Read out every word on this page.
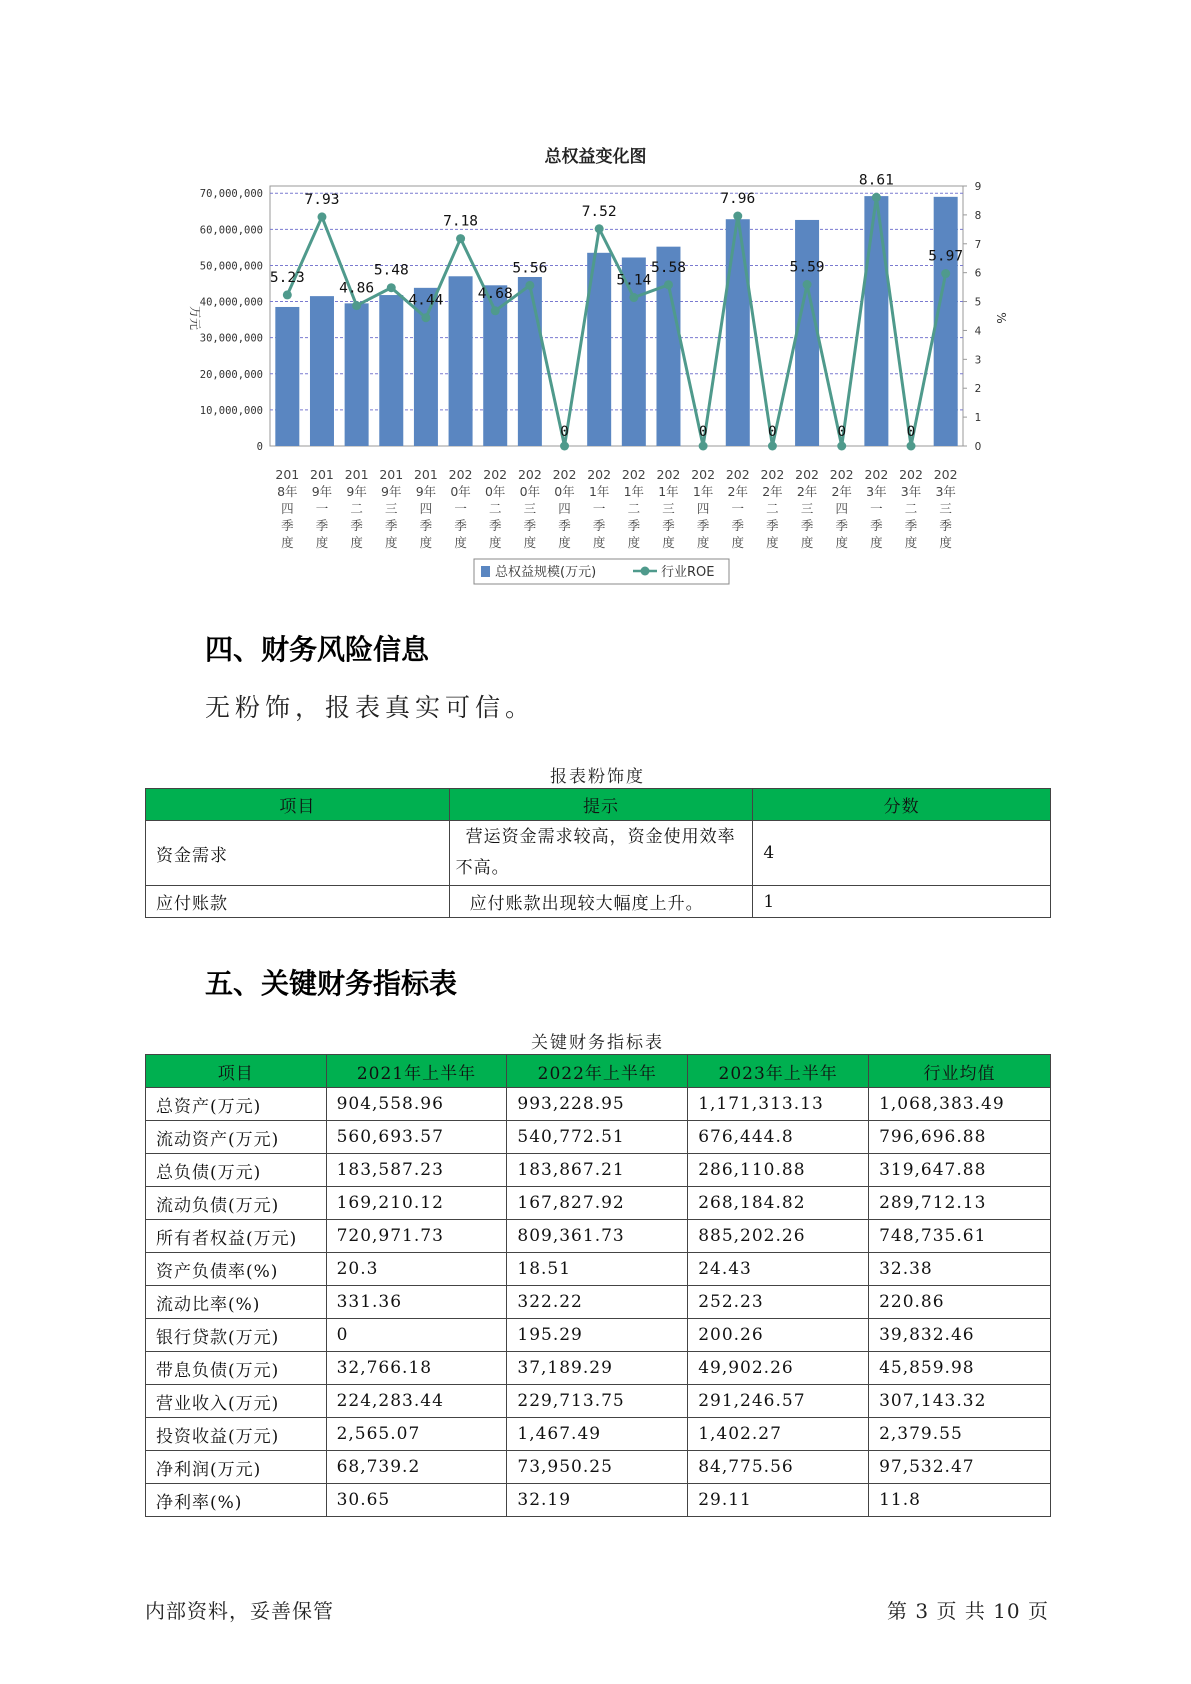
总权益变化图
0
10,000,000
20,000,000
30,000,000
40,000,000
50,000,000
60,000,000
70,000,000
0
1
2
3
4
5
6
7
8
9
万元	%
5.23
7.93
4.86
5.48
4.44
7.18
4.68
5.56
0
7.52
5.14
5.58
0
7.96
0
5.59
0
8.61
0
5.97
201
8年
四
季
度
201
9年
一
季
度
201
9年
二
季
度
201
9年
三
季
度
201
9年
四
季
度
202
0年
一
季
度
202
0年
二
季
度
202
0年
三
季
度
202
0年
四
季
度
202
1年
一
季
度
202
1年
二
季
度
202
1年
三
季
度
202
1年
四
季
度
202
2年
一
季
度
202
2年
二
季
度
202
2年
三
季
度
202
2年
四
季
度
202
3年
一
季
度
202
3年
二
季
度
202
3年
三
季
度
总权益规模(万元)	行业ROE
四、财务风险信息
无粉饰，报表真实可信。
报表粉饰度
项目	提示	分数
资金需求	营运资金需求较高，资金使用效率不高。	4
应付账款	应付账款出现较大幅度上升。	1
五、关键财务指标表
关键财务指标表
项目	2021年上半年	2022年上半年	2023年上半年	行业均值
总资产(万元)	904,558.96	993,228.95	1,171,313.13	1,068,383.49
流动资产(万元)	560,693.57	540,772.51	676,444.8	796,696.88
总负债(万元)	183,587.23	183,867.21	286,110.88	319,647.88
流动负债(万元)	169,210.12	167,827.92	268,184.82	289,712.13
所有者权益(万元)	720,971.73	809,361.73	885,202.26	748,735.61
资产负债率(%)	20.3	18.51	24.43	32.38
流动比率(%)	331.36	322.22	252.23	220.86
银行贷款(万元)	0	195.29	200.26	39,832.46
带息负债(万元)	32,766.18	37,189.29	49,902.26	45,859.98
营业收入(万元)	224,283.44	229,713.75	291,246.57	307,143.32
投资收益(万元)	2,565.07	1,467.49	1,402.27	2,379.55
净利润(万元)	68,739.2	73,950.25	84,775.56	97,532.47
净利率(%)	30.65	32.19	29.11	11.8
内部资料，妥善保管	第 3 页 共 10 页
